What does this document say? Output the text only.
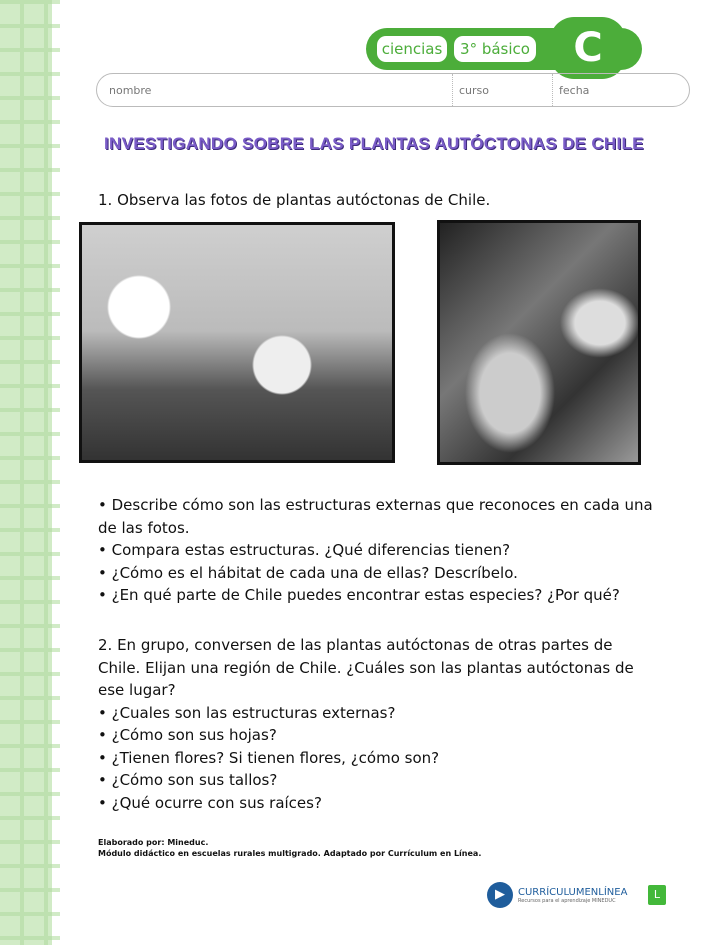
ciencias	3° básico	C
nombre	curso	fecha
INVESTIGANDO SOBRE LAS PLANTAS AUTÓCTONAS DE CHILE
1. Observa las fotos de plantas autóctonas de Chile.
• Describe cómo son las estructuras externas que reconoces en cada una de las fotos.
• Compara estas estructuras. ¿Qué diferencias tienen?
• ¿Cómo es el hábitat de cada una de ellas? Descríbelo.
• ¿En qué parte de Chile puedes encontrar estas especies? ¿Por qué?
2. En grupo, conversen de las plantas autóctonas de otras partes de Chile. Elijan una región de Chile. ¿Cuáles son las plantas autóctonas de ese lugar?
• ¿Cuales son las estructuras externas?
• ¿Cómo son sus hojas?
• ¿Tienen flores? Si tienen flores, ¿cómo son?
• ¿Cómo son sus tallos?
• ¿Qué ocurre con sus raíces?
Elaborado por: Mineduc.
Módulo didáctico en escuelas rurales multigrado. Adaptado por Currículum en Línea.
▶	CURRÍCULUMENLÍNEA
Recursos para el aprendizaje MINEDUC	L
